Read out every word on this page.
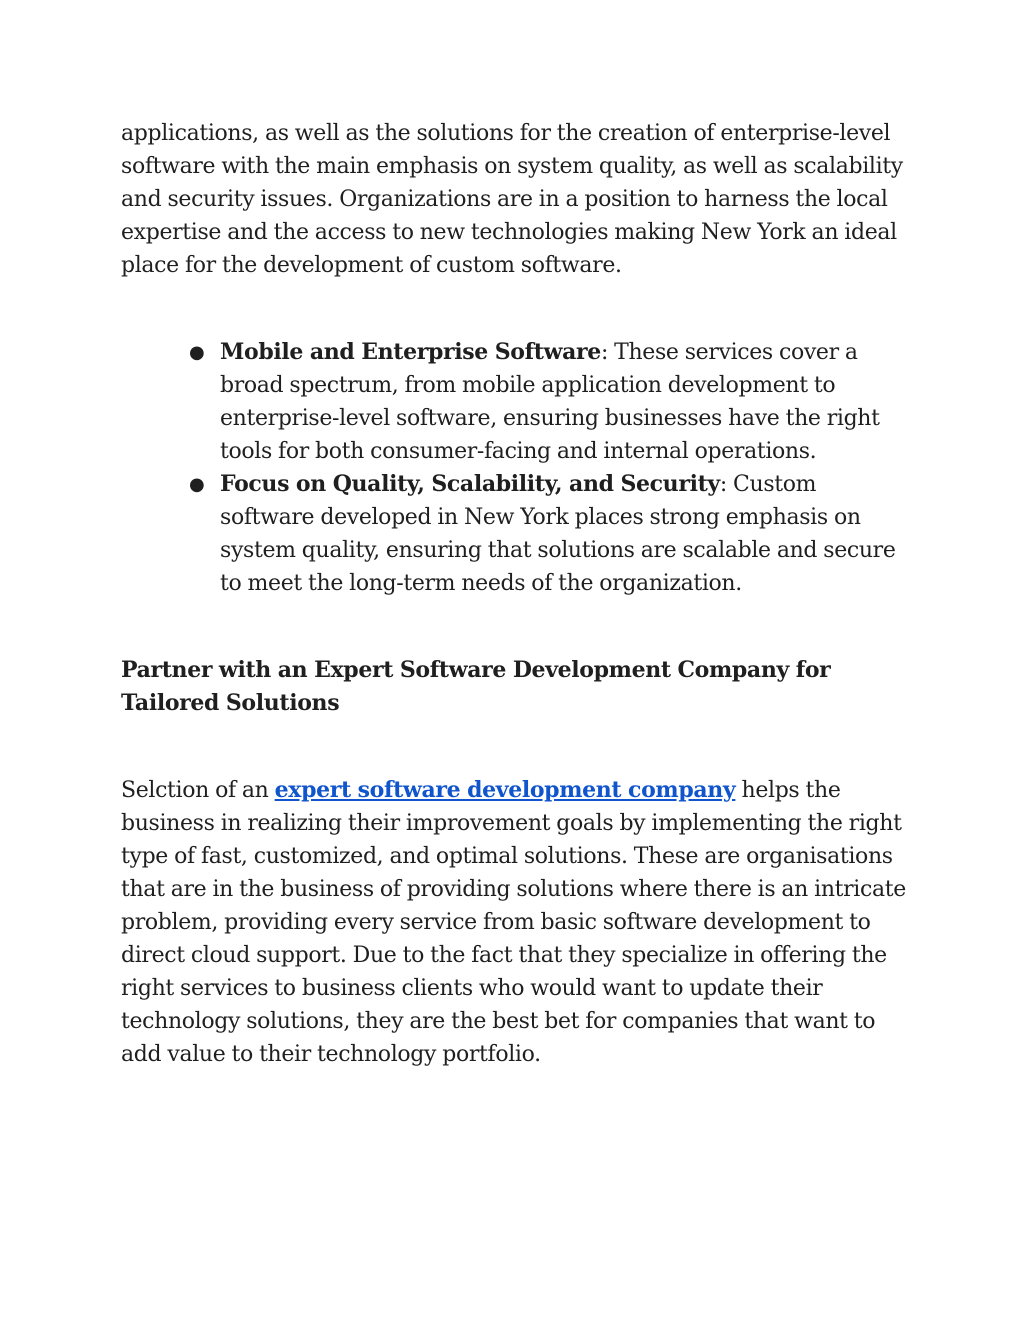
applications, as well as the solutions for the creation of enterprise-level software with the main emphasis on system quality, as well as scalability and security issues. Organizations are in a position to harness the local expertise and the access to new technologies making New York an ideal place for the development of custom software.

● Mobile and Enterprise Software: These services cover a broad spectrum, from mobile application development to enterprise-level software, ensuring businesses have the right tools for both consumer-facing and internal operations.
● Focus on Quality, Scalability, and Security: Custom software developed in New York places strong emphasis on system quality, ensuring that solutions are scalable and secure to meet the long-term needs of the organization.
Partner with an Expert Software Development Company for Tailored Solutions

Selction of an expert software development company helps the business in realizing their improvement goals by implementing the right type of fast, customized, and optimal solutions. These are organisations that are in the business of providing solutions where there is an intricate problem, providing every service from basic software development to direct cloud support. Due to the fact that they specialize in offering the right services to business clients who would want to update their technology solutions, they are the best bet for companies that want to add value to their technology portfolio.
